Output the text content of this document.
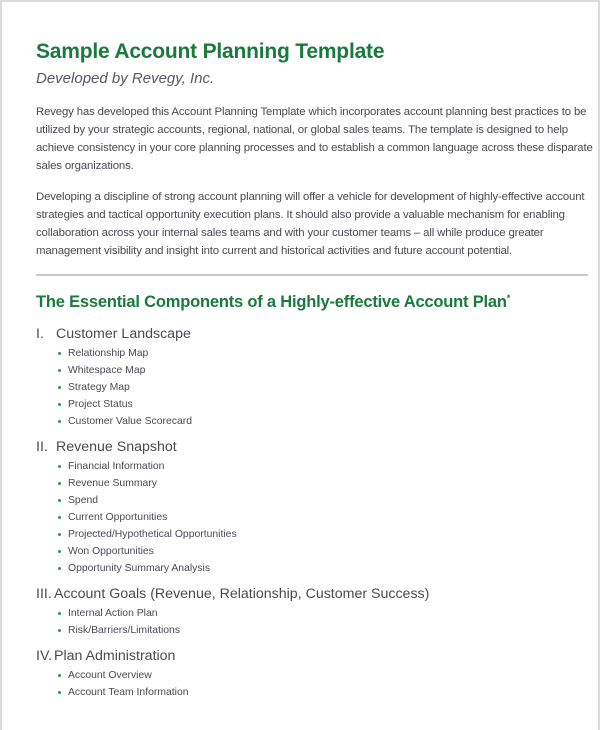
Sample Account Planning Template
Developed by Revegy, Inc.

Revegy has developed this Account Planning Template which incorporates account planning best practices to be utilized by your strategic accounts, regional, national, or global sales teams. The template is designed to help achieve consistency in your core planning processes and to establish a common language across these disparate sales organizations.

Developing a discipline of strong account planning will offer a vehicle for development of highly-effective account strategies and tactical opportunity execution plans. It should also provide a valuable mechanism for enabling collaboration across your internal sales teams and with your customer teams – all while produce greater management visibility and insight into current and historical activities and future account potential.

The Essential Components of a Highly-effective Account Plan*
I. Customer Landscape
Relationship Map
Whitespace Map
Strategy Map
Project Status
Customer Value Scorecard
II. Revenue Snapshot
Financial Information
Revenue Summary
Spend
Current Opportunities
Projected/Hypothetical Opportunities
Won Opportunities
Opportunity Summary Analysis
III. Account Goals (Revenue, Relationship, Customer Success)
Internal Action Plan
Risk/Barriers/Limitations
IV. Plan Administration
Account Overview
Account Team Information
